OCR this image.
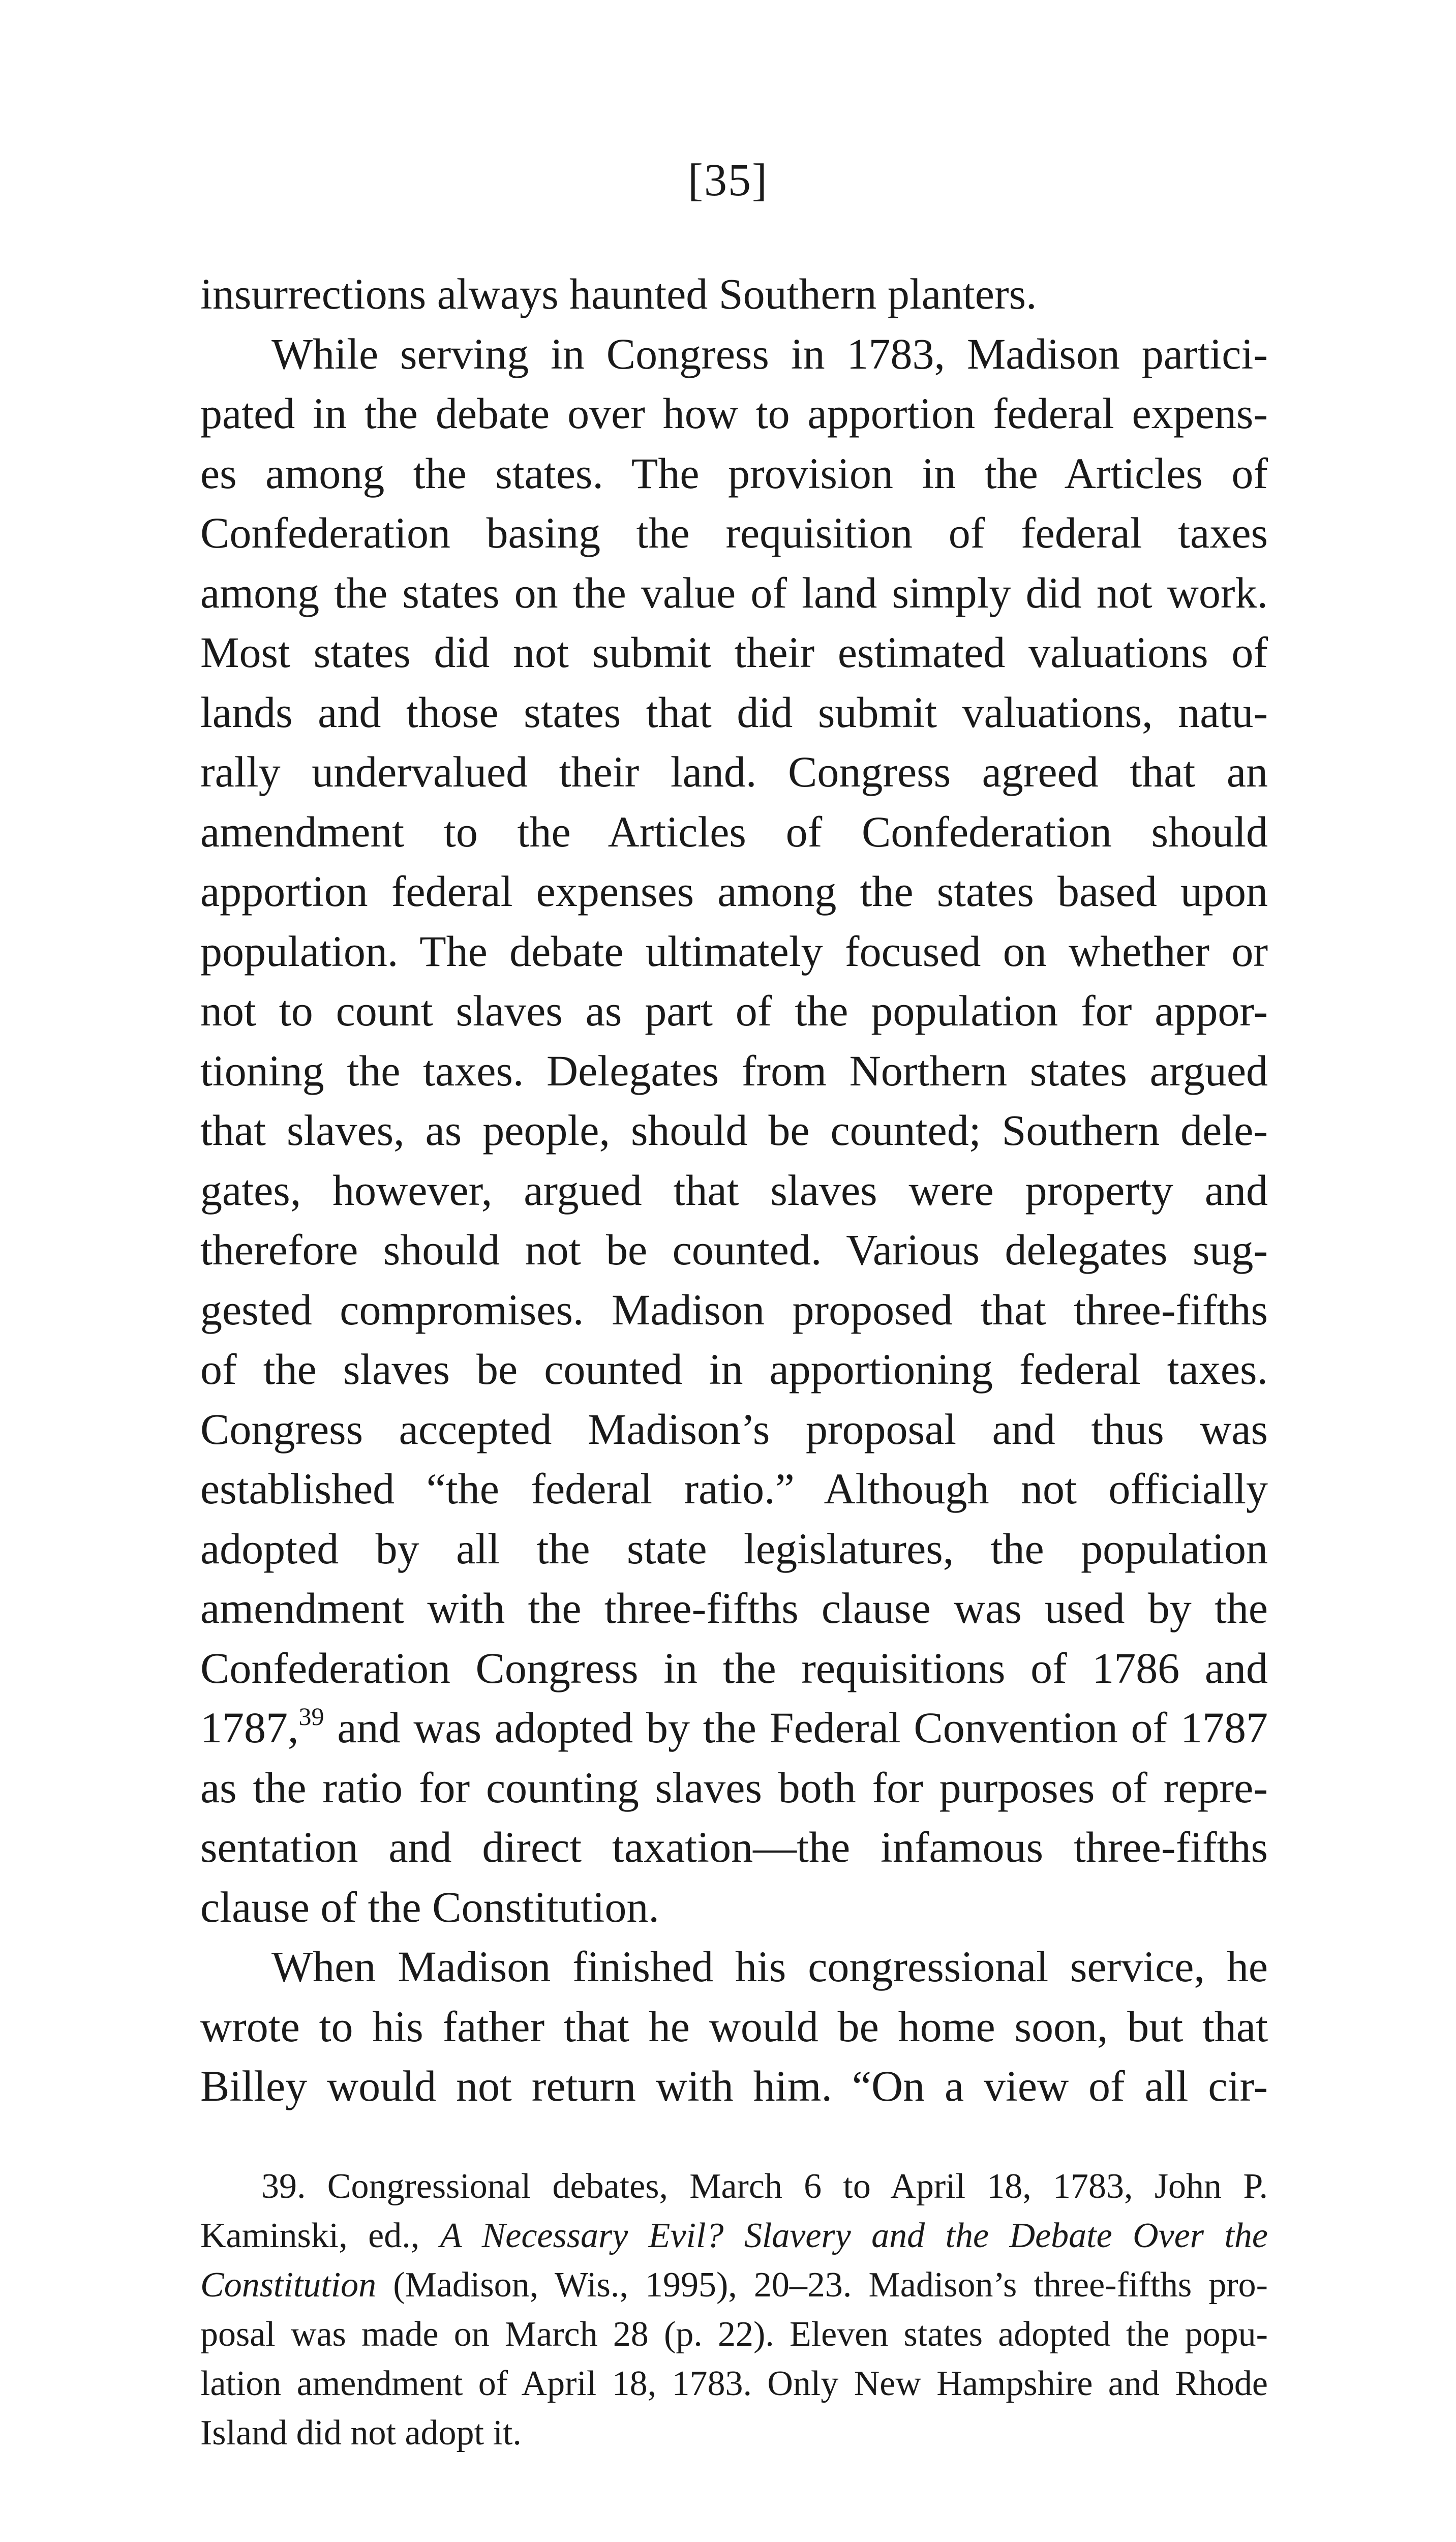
[35]
insurrections always haunted Southern planters.
While serving in Congress in 1783, Madison partici-
pated in the debate over how to apportion federal expens-
es among the states. The provision in the Articles of
Confederation basing the requisition of federal taxes
among the states on the value of land simply did not work.
Most states did not submit their estimated valuations of
lands and those states that did submit valuations, natu-
rally undervalued their land. Congress agreed that an
amendment to the Articles of Confederation should
apportion federal expenses among the states based upon
population. The debate ultimately focused on whether or
not to count slaves as part of the population for appor-
tioning the taxes. Delegates from Northern states argued
that slaves, as people, should be counted; Southern dele-
gates, however, argued that slaves were property and
therefore should not be counted. Various delegates sug-
gested compromises. Madison proposed that three-fifths
of the slaves be counted in apportioning federal taxes.
Congress accepted Madison’s proposal and thus was
established “the federal ratio.” Although not officially
adopted by all the state legislatures, the population
amendment with the three-fifths clause was used by the
Confederation Congress in the requisitions of 1786 and
1787,39 and was adopted by the Federal Convention of 1787
as the ratio for counting slaves both for purposes of repre-
sentation and direct taxation—the infamous three-fifths
clause of the Constitution.
When Madison finished his congressional service, he
wrote to his father that he would be home soon, but that
Billey would not return with him. “On a view of all cir-
39. Congressional debates, March 6 to April 18, 1783, John P.
Kaminski, ed., A Necessary Evil? Slavery and the Debate Over the
Constitution (Madison, Wis., 1995), 20–23. Madison’s three-fifths pro-
posal was made on March 28 (p. 22). Eleven states adopted the popu-
lation amendment of April 18, 1783. Only New Hampshire and Rhode
Island did not adopt it.
